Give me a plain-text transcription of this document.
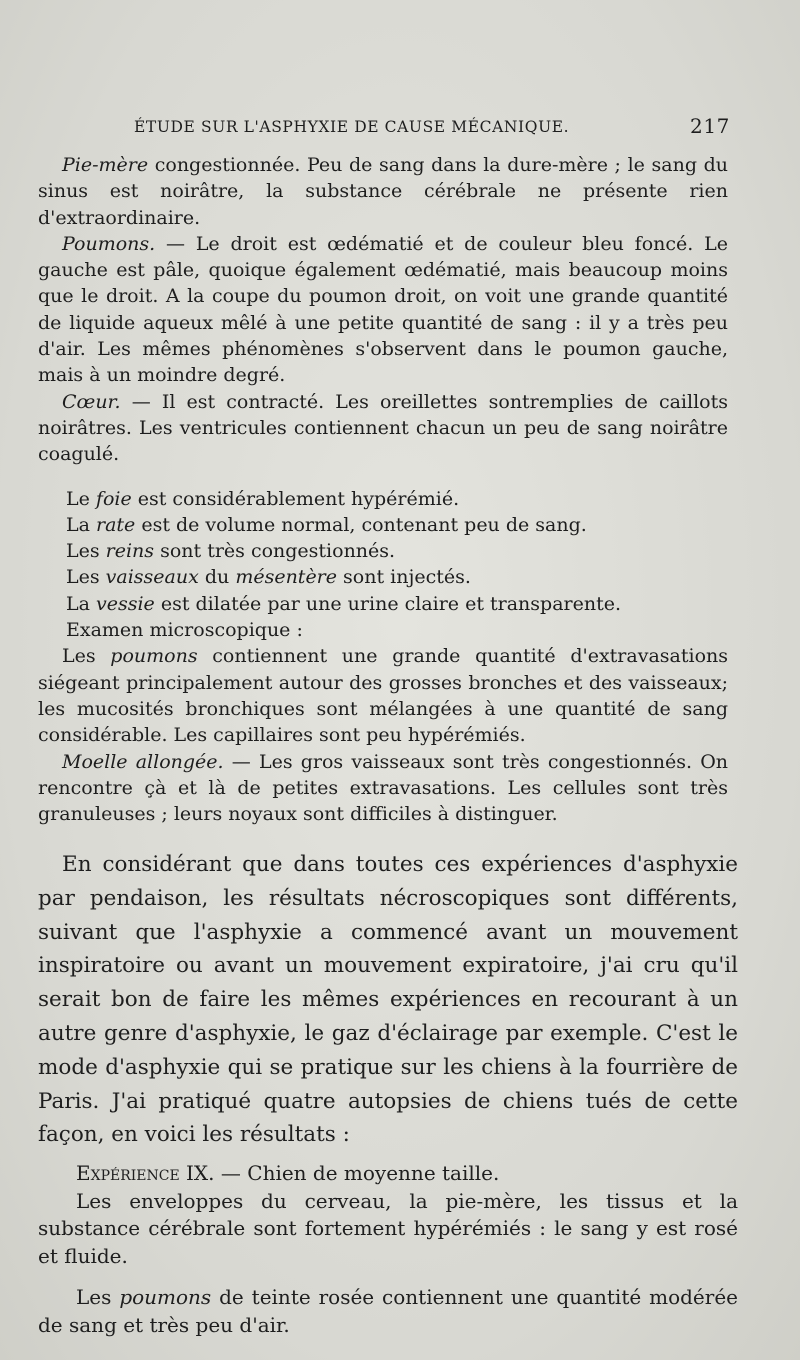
ÉTUDE SUR L'ASPHYXIE DE CAUSE MÉCANIQUE.	217

Pie-mère congestionnée. Peu de sang dans la dure-mère ; le sang du sinus est noirâtre, la substance cérébrale ne présente rien d'extraordinaire.

Poumons. — Le droit est œdématié et de couleur bleu foncé. Le gauche est pâle, quoique également œdématié, mais beaucoup moins que le droit. A la coupe du poumon droit, on voit une grande quantité de liquide aqueux mêlé à une petite quantité de sang : il y a très peu d'air. Les mêmes phénomènes s'observent dans le poumon gauche, mais à un moindre degré.

Cœur. — Il est contracté. Les oreillettes sontremplies de caillots noirâtres. Les ventricules contiennent chacun un peu de sang noirâtre coagulé.

Le foie est considérablement hypérémié.

La rate est de volume normal, contenant peu de sang.

Les reins sont très congestionnés.

Les vaisseaux du mésentère sont injectés.

La vessie est dilatée par une urine claire et transparente.

Examen microscopique :

Les poumons contiennent une grande quantité d'extravasations siégeant principalement autour des grosses bronches et des vaisseaux; les mucosités bronchiques sont mélangées à une quantité de sang considérable. Les capillaires sont peu hypérémiés.

Moelle allongée. — Les gros vaisseaux sont très congestionnés. On rencontre çà et là de petites extravasations. Les cellules sont très granuleuses ; leurs noyaux sont difficiles à distinguer.

En considérant que dans toutes ces expériences d'asphyxie par pendaison, les résultats nécroscopiques sont différents, suivant que l'asphyxie a commencé avant un mouvement inspiratoire ou avant un mouvement expiratoire, j'ai cru qu'il serait bon de faire les mêmes expériences en recourant à un autre genre d'asphyxie, le gaz d'éclairage par exemple. C'est le mode d'asphyxie qui se pratique sur les chiens à la fourrière de Paris. J'ai pratiqué quatre autopsies de chiens tués de cette façon, en voici les résultats :

Expérience IX. — Chien de moyenne taille.

Les enveloppes du cerveau, la pie-mère, les tissus et la substance cérébrale sont fortement hypérémiés : le sang y est rosé et fluide.

Les poumons de teinte rosée contiennent une quantité modérée de sang et très peu d'air.
